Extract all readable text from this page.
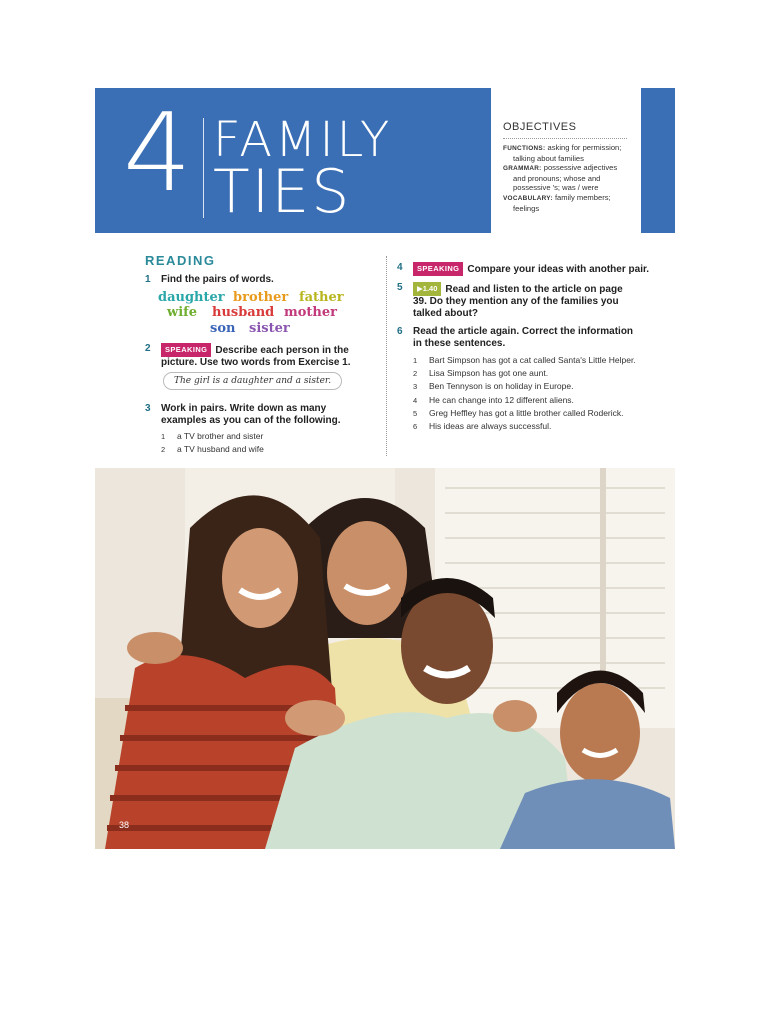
4 FAMILY
TIES
OBJECTIVES

FUNCTIONS: asking for permission;

talking about families

GRAMMAR: possessive adjectives

and pronouns; whose and

possessive 's; was / were

VOCABULARY: family members;

feelings

READING
1	Find the pairs of words.
daughter brother father
wife husband mother
son sister
2	SPEAKING Describe each person in the picture. Use two words from Exercise 1.
The girl is a daughter and a sister.
3	Work in pairs. Write down as many examples as you can of the following.
1 a TV brother and sister
2 a TV husband and wife
4	SPEAKING Compare your ideas with another pair.
5	▶1.40 Read and listen to the article on page 39. Do they mention any of the families you talked about?
6	Read the article again. Correct the information in these sentences.
1 Bart Simpson has got a cat called Santa's Little Helper.
2 Lisa Simpson has got one aunt.
3 Ben Tennyson is on holiday in Europe.
4 He can change into 12 different aliens.
5 Greg Heffley has got a little brother called Roderick.
6 His ideas are always successful.
38
